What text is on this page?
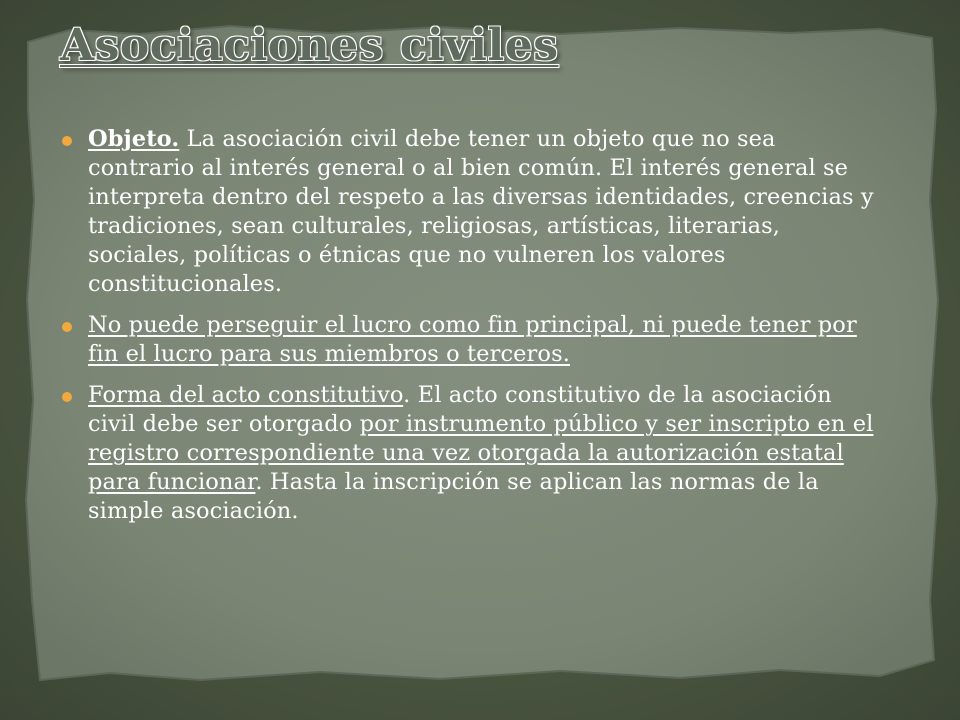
Asociaciones civiles
Objeto. La asociación civil debe tener un objeto que no sea contrario al interés general o al bien común. El interés general se interpreta dentro del respeto a las diversas identidades, creencias y tradiciones, sean culturales, religiosas, artísticas, literarias, sociales, políticas o étnicas que no vulneren los valores constitucionales.
No puede perseguir el lucro como fin principal, ni puede tener por fin el lucro para sus miembros o terceros.
Forma del acto constitutivo. El acto constitutivo de la asociación civil debe ser otorgado por instrumento público y ser inscripto en el registro correspondiente una vez otorgada la autorización estatal para funcionar. Hasta la inscripción se aplican las normas de la simple asociación.
